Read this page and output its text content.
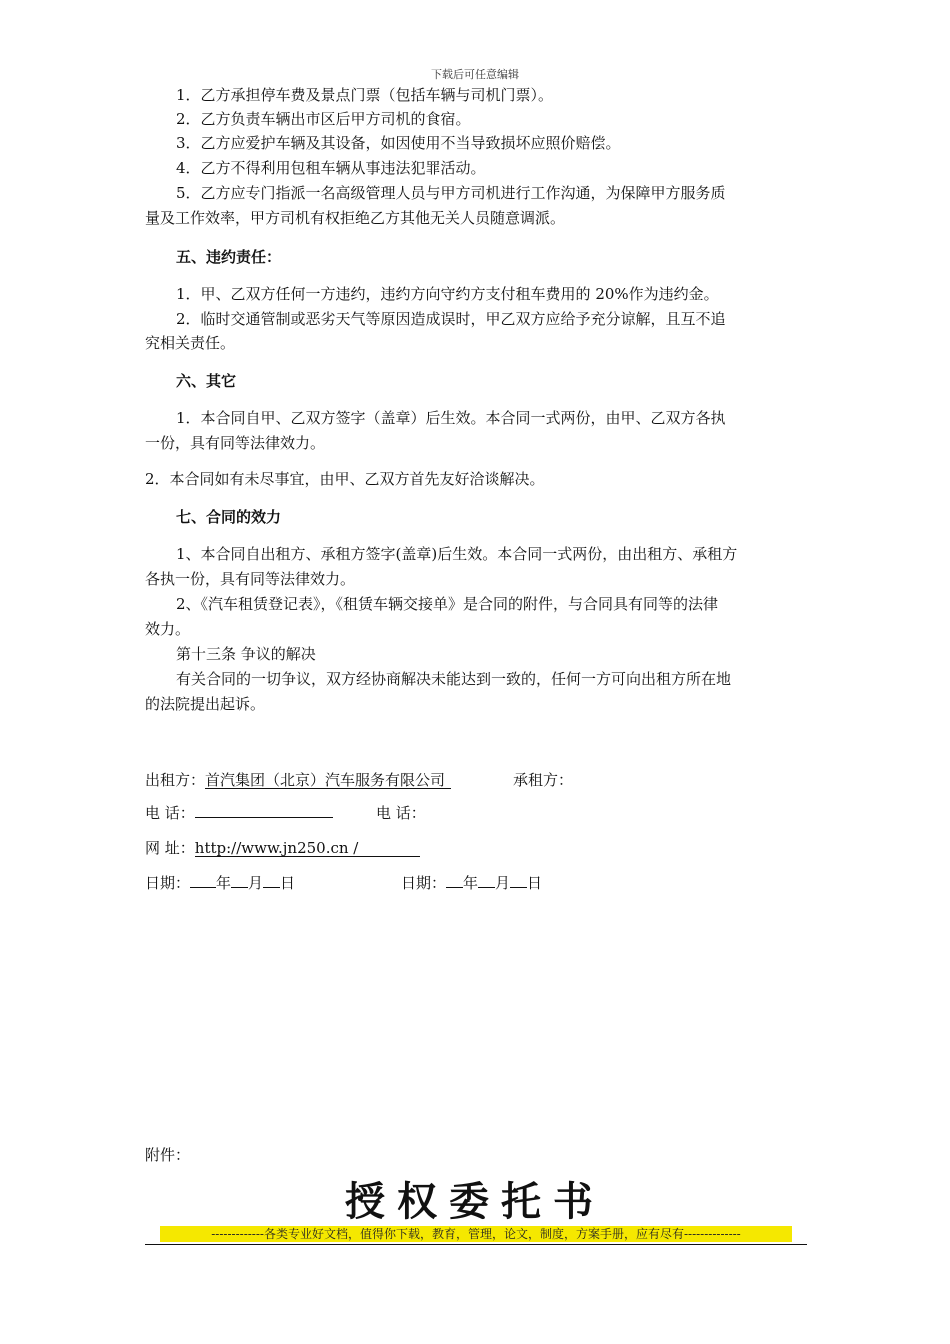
下载后可任意编辑
1．乙方承担停车费及景点门票（包括车辆与司机门票）。
2．乙方负责车辆出市区后甲方司机的食宿。
3．乙方应爱护车辆及其设备，如因使用不当导致损坏应照价赔偿。
4．乙方不得利用包租车辆从事违法犯罪活动。
5．乙方应专门指派一名高级管理人员与甲方司机进行工作沟通，为保障甲方服务质
量及工作效率，甲方司机有权拒绝乙方其他无关人员随意调派。
五、违约责任：
1．甲、乙双方任何一方违约，违约方向守约方支付租车费用的 20%作为违约金。
2．临时交通管制或恶劣天气等原因造成误时，甲乙双方应给予充分谅解，且互不追
究相关责任。
六、其它
1．本合同自甲、乙双方签字（盖章）后生效。本合同一式两份，由甲、乙双方各执
一份，具有同等法律效力。
2．本合同如有未尽事宜，由甲、乙双方首先友好洽谈解决。
七、合同的效力
1、本合同自出租方、承租方签字(盖章)后生效。本合同一式两份，由出租方、承租方
各执一份，具有同等法律效力。
2、《汽车租赁登记表》，《租赁车辆交接单》是合同的附件，与合同具有同等的法律
效力。
第十三条 争议的解决
有关合同的一切争议，双方经协商解决未能达到一致的，任何一方可向出租方所在地
的法院提出起诉。
出租方：首汽集团（北京）汽车服务有限公司	承租方：
电 话：	电 话：
网 址：http://www.jn250.cn /
日期： 年 月 日	日期： 年 月 日
附件：
授权委托书
-------------各类专业好文档，值得你下载，教育，管理，论文，制度，方案手册，应有尽有--------------
